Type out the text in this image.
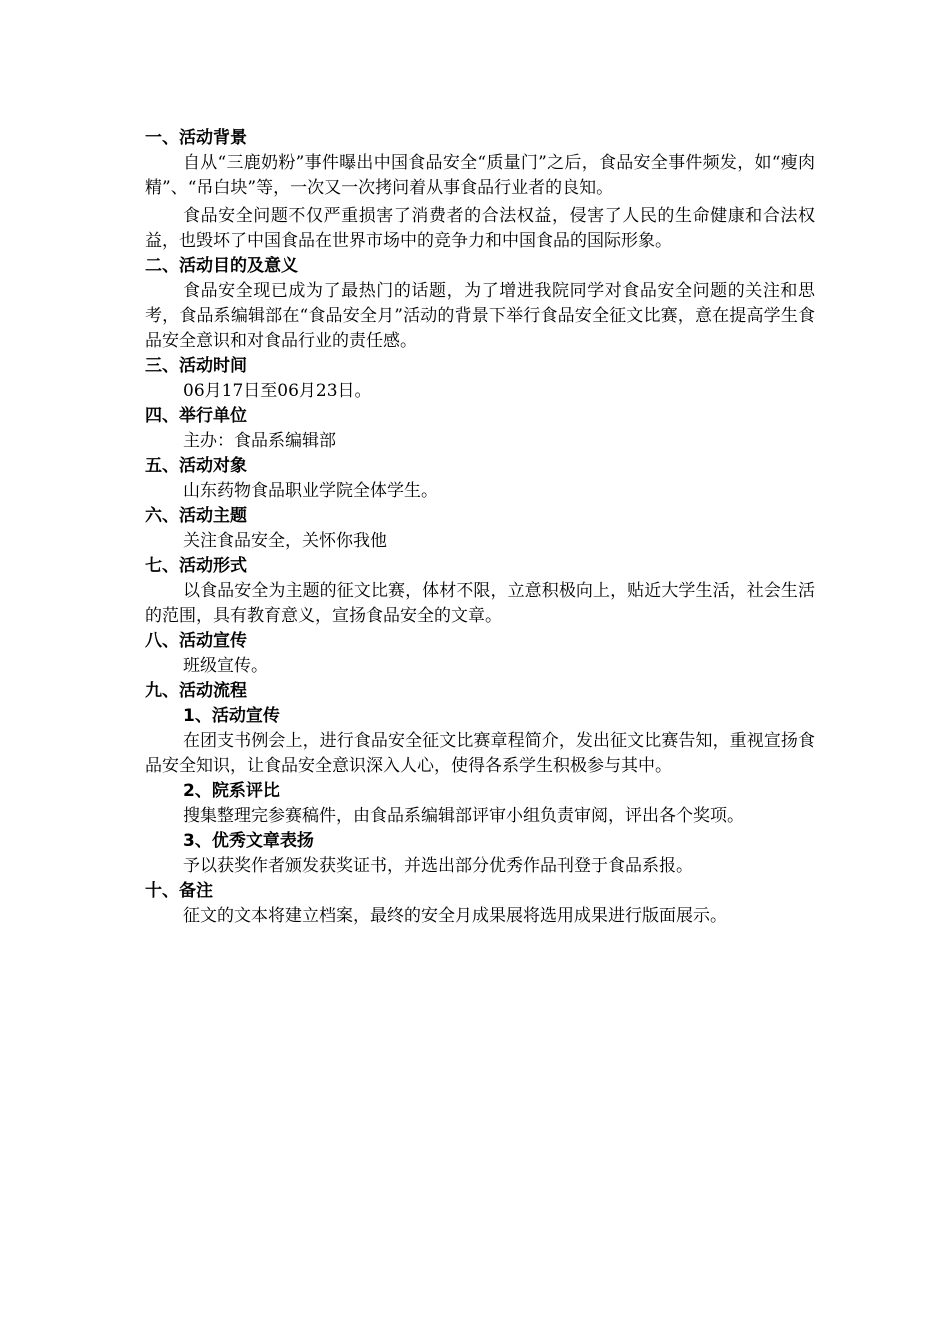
一、活动背景

自从“三鹿奶粉”事件曝出中国食品安全“质量门”之后，食品安全事件频发，如“瘦肉精”、“吊白块”等，一次又一次拷问着从事食品行业者的良知。

食品安全问题不仅严重损害了消费者的合法权益，侵害了人民的生命健康和合法权益，也毁坏了中国食品在世界市场中的竞争力和中国食品的国际形象。

二、活动目的及意义

食品安全现已成为了最热门的话题，为了增进我院同学对食品安全问题的关注和思考，食品系编辑部在“食品安全月”活动的背景下举行食品安全征文比赛，意在提高学生食品安全意识和对食品行业的责任感。

三、活动时间

06月17日至06月23日。

四、举行单位

主办：食品系编辑部

五、活动对象

山东药物食品职业学院全体学生。

六、活动主题

关注食品安全，关怀你我他

七、活动形式

以食品安全为主题的征文比赛，体材不限，立意积极向上，贴近大学生活，社会生活的范围，具有教育意义，宣扬食品安全的文章。

八、活动宣传

班级宣传。

九、活动流程

1、活动宣传

在团支书例会上，进行食品安全征文比赛章程简介，发出征文比赛告知，重视宣扬食品安全知识，让食品安全意识深入人心，使得各系学生积极参与其中。

2、院系评比

搜集整理完参赛稿件，由食品系编辑部评审小组负责审阅，评出各个奖项。

3、优秀文章表扬

予以获奖作者颁发获奖证书，并选出部分优秀作品刊登于食品系报。

十、备注

征文的文本将建立档案，最终的安全月成果展将选用成果进行版面展示。
